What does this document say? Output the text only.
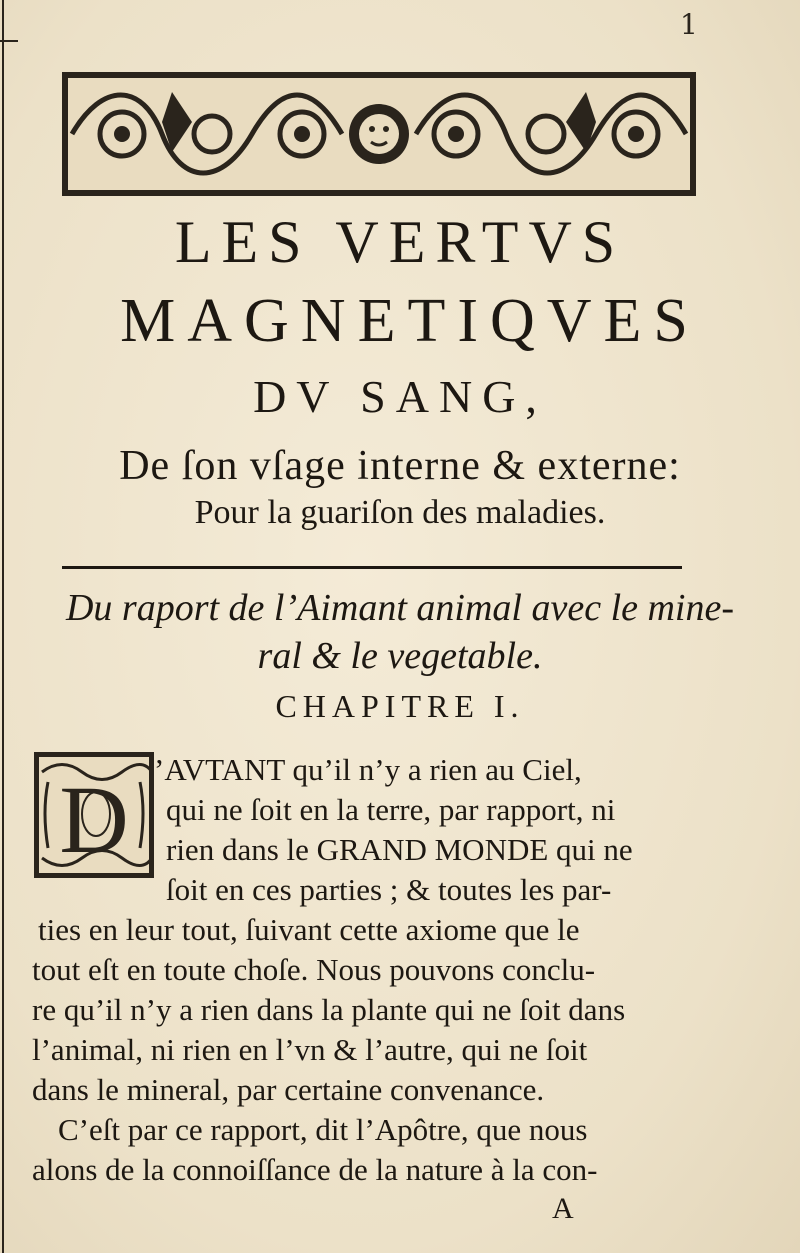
1
LES VERTVS
MAGNETIQVES
DV SANG,
De ſon vſage interne & externe:
Pour la guariſon des maladies.
Du raport de l’Aimant animal avec le mine-
ral & le vegetable.
CHAPITRE I.
D ’AVTANT qu’il n’y a rien au Ciel,
qui ne ſoit en la terre, par rapport, ni
rien dans le GRAND MONDE qui ne
ſoit en ces parties ; & toutes les par-
ties en leur tout, ſuivant cette axiome que le
tout eſt en toute choſe. Nous pouvons conclu-
re qu’il n’y a rien dans la plante qui ne ſoit dans
l’animal, ni rien en l’vn & l’autre, qui ne ſoit
dans le mineral, par certaine convenance.
C’eſt par ce rapport, dit l’Apôtre, que nous
alons de la connoiſſance de la nature à la con-
A
